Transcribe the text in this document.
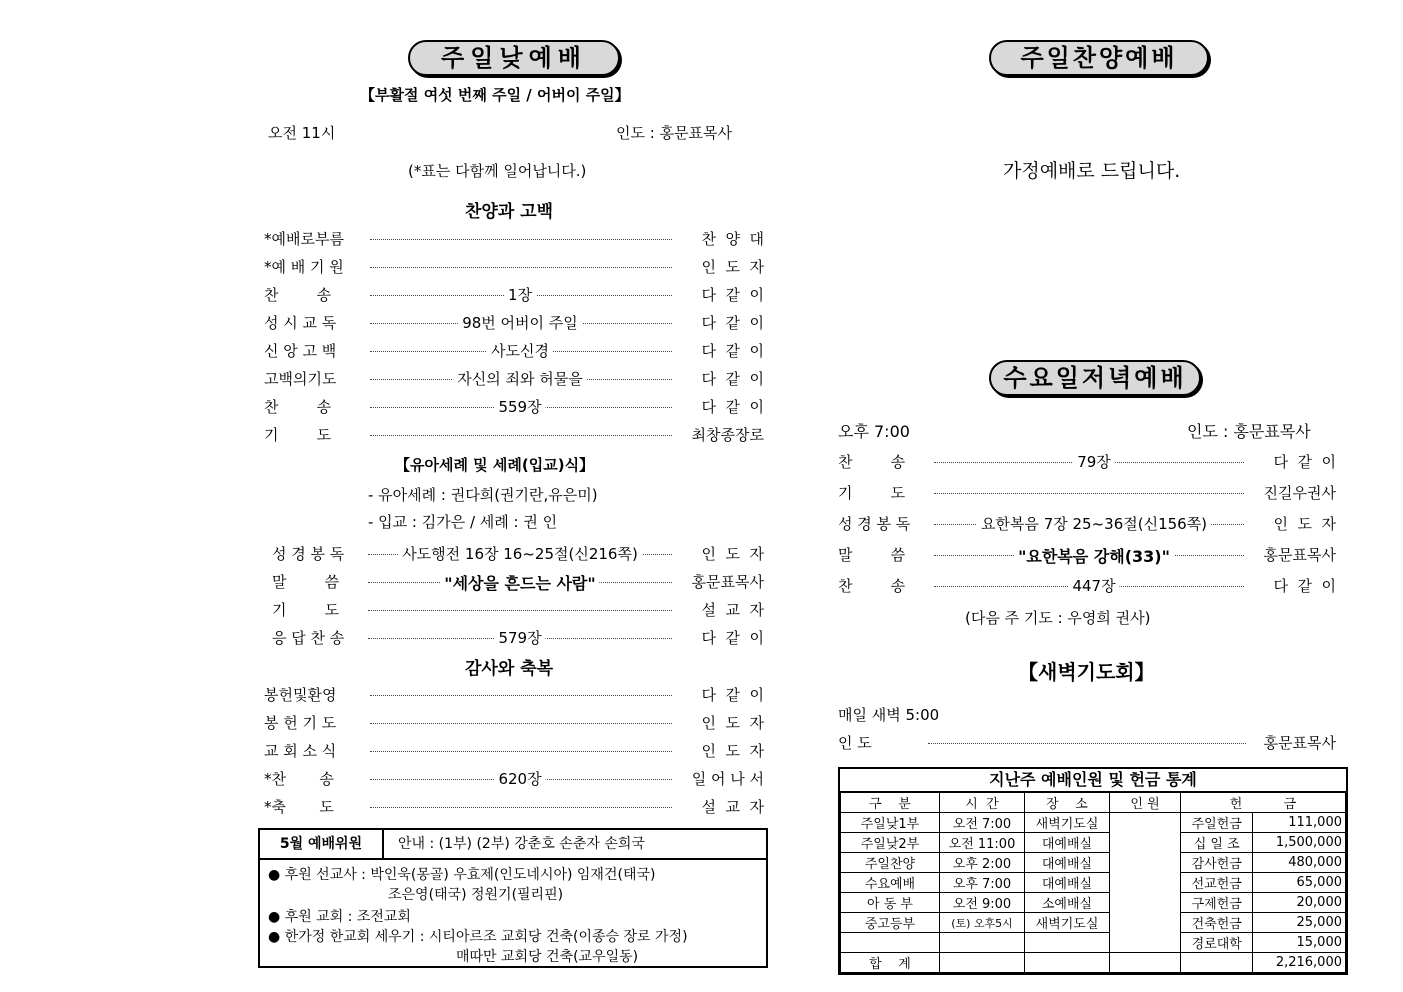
주일낮예배
【부활절 여섯 번째 주일 / 어버이 주일】
오전 11시	인도 : 홍문표목사
(*표는 다함께 일어납니다.)
찬양과 고백
*예배로부름	찬  양  대
*예 배 기 원	인  도  자
찬        송	1장	다  같  이
성 시 교 독	98번 어버이 주일	다  같  이
신 앙 고 백	사도신경	다  같  이
고백의기도	자신의 죄와 허물을	다  같  이
찬        송	559장	다  같  이
기        도	최창종장로
【유아세례 및 세례(입교)식】
- 유아세례 : 권다희(권기란,유은미)
- 입교 : 김가은 / 세례 : 권 인
성 경 봉 독	사도행전 16장 16~25절(신216쪽)	인  도  자
말        씀	"세상을 흔드는 사람"	홍문표목사
기        도	설  교  자
응 답 찬 송	579장	다  같  이
감사와 축복
봉헌및환영	다  같  이
봉 헌 기 도	인  도  자
교 회 소 식	인  도  자
*찬       송	620장	일 어 나 서
*축       도	설  교  자
5월 예배위원	안내 : (1부) (2부) 강춘호 손춘자 손희국
● 후원 선교사 : 박인욱(몽골) 우효제(인도네시아) 임재건(태국)
조은영(태국) 정원기(필리핀)
● 후원 교회 : 조전교회
● 한가정 한교회 세우기 : 시티아르조 교회당 건축(이종승 장로 가정)
매따만 교회당 건축(교우일동)
주일찬양예배
가정예배로 드립니다.
수요일저녁예배
오후 7:00	인도 : 홍문표목사
찬        송	79장	다  같  이
기        도	진길우권사
성 경 봉 독	요한복음 7장 25~36절(신156쪽)	인  도  자
말        씀	"요한복음 강해(33)"	홍문표목사
찬        송	447장	다  같  이
(다음 주 기도 : 우영희 권사)
【새벽기도회】
매일 새벽 5:00
인 도	홍문표목사
지난주 예배인원 및 헌금 통계
구    분	시  간	장    소	인 원	헌          금	
주일낮1부	오전 7:00	새벽기도실		주일헌금	111,000
주일낮2부	오전 11:00	대예배실		십 일 조	1,500,000
주일찬양	오후 2:00	대예배실		감사헌금	480,000
수요예배	오후 7:00	대예배실		선교헌금	65,000
아 동 부	오전 9:00	소예배실		구제헌금	20,000
중고등부	(토) 오후5시	새벽기도실		건축헌금	25,000
				경로대학	15,000
합    계					2,216,000
